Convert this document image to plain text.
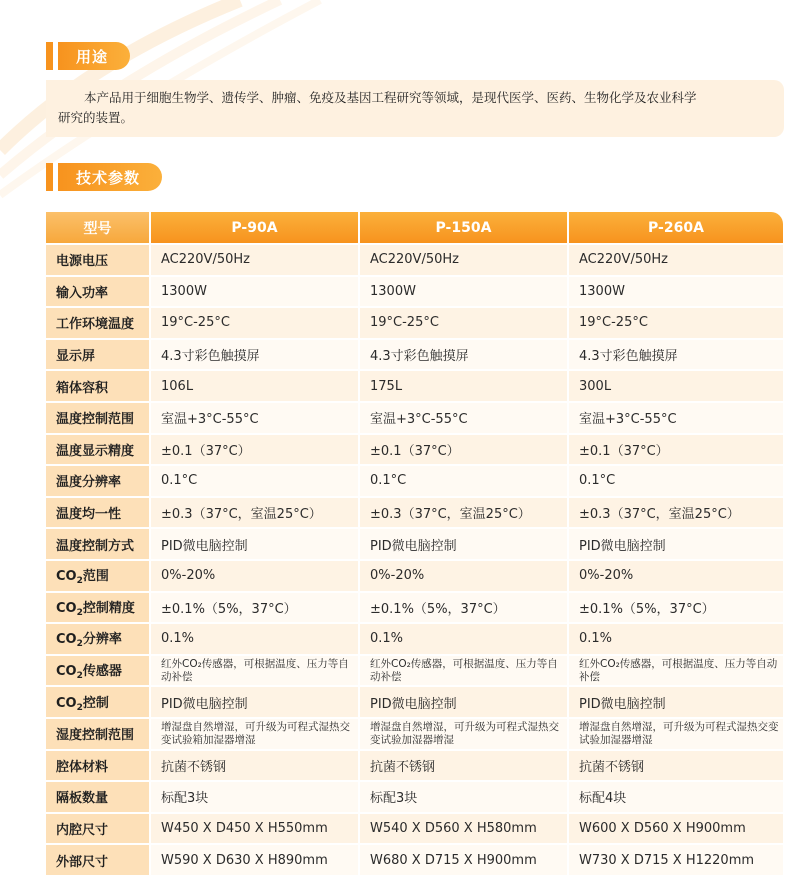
用途
本产品用于细胞生物学、遗传学、肿瘤、免疫及基因工程研究等领域，是现代医学、医药、生物化学及农业科学
研究的装置。
技术参数
型号	P-90A	P-150A	P-260A
电源电压	AC220V/50Hz	AC220V/50Hz	AC220V/50Hz
输入功率	1300W	1300W	1300W
工作环境温度	19°C-25°C	19°C-25°C	19°C-25°C
显示屏	4.3寸彩色触摸屏	4.3寸彩色触摸屏	4.3寸彩色触摸屏
箱体容积	106L	175L	300L
温度控制范围	室温+3°C-55°C	室温+3°C-55°C	室温+3°C-55°C
温度显示精度	±0.1（37°C）	±0.1（37°C）	±0.1（37°C）
温度分辨率	0.1°C	0.1°C	0.1°C
温度均一性	±0.3（37°C，室温25°C）	±0.3（37°C，室温25°C）	±0.3（37°C，室温25°C）
温度控制方式	PID微电脑控制	PID微电脑控制	PID微电脑控制
$CO_2$范围	0%-20%	0%-20%	0%-20%
$CO_2$控制精度	±0.1%（5%，37°C）	±0.1%（5%，37°C）	±0.1%（5%，37°C）
$CO_2$分辨率	0.1%	0.1%	0.1%
$CO_2$传感器	红外CO₂传感器，可根据温度、压力等自动补偿	红外CO₂传感器，可根据温度、压力等自动补偿	红外CO₂传感器，可根据温度、压力等自动补偿
$CO_2$控制	PID微电脑控制	PID微电脑控制	PID微电脑控制
湿度控制范围	增湿盘自然增湿，可升级为可程式湿热交变试验箱加湿器增湿	增湿盘自然增湿，可升级为可程式湿热交变试验加湿器增湿	增湿盘自然增湿，可升级为可程式湿热交变试验加湿器增湿
腔体材料	抗菌不锈钢	抗菌不锈钢	抗菌不锈钢
隔板数量	标配3块	标配3块	标配4块
内腔尺寸	W450 X D450 X H550mm	W540 X D560 X H580mm	W600 X D560 X H900mm
外部尺寸	W590 X D630 X H890mm	W680 X D715 X H900mm	W730 X D715 X H1220mm
